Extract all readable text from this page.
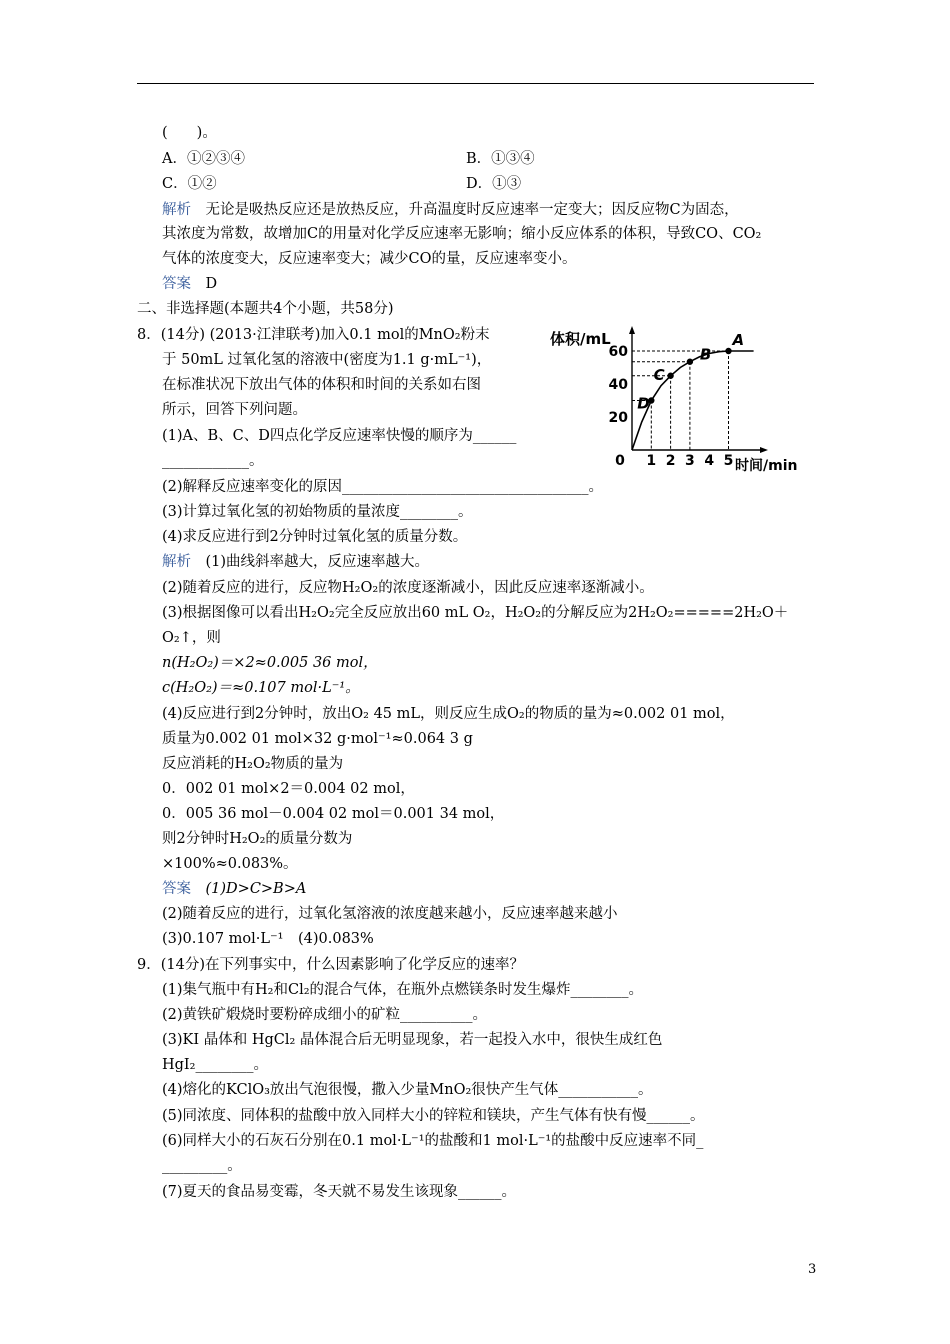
(　　)。
A．①②③④	B．①③④
C．①②	D．①③
解析　 无论是吸热反应还是放热反应，升高温度时反应速率一定变大；因反应物C为固态，
其浓度为常数，故增加C的用量对化学反应速率无影响；缩小反应体系的体积，导致CO、CO₂
气体的浓度变大，反应速率变大；减少CO的量，反应速率变小。
答案　 D
二、非选择题(本题共4个小题，共58分)
8．(14分) (2013·江津联考)加入0.1 mol的MnO₂粉末
于 50mL 过氧化氢的溶液中(密度为1.1 g·mL⁻¹)，
在标准状况下放出气体的体积和时间的关系如右图
所示，回答下列问题。
(1)A、B、C、D四点化学反应速率快慢的顺序为______
____________。
(2)解释反应速率变化的原因__________________________________。
(3)计算过氧化氢的初始物质的量浓度________。
(4)求反应进行到2分钟时过氧化氢的质量分数。
解析　 (1)曲线斜率越大，反应速率越大。
(2)随着反应的进行，反应物H₂O₂的浓度逐渐减小，因此反应速率逐渐减小。
(3)根据图像可以看出H₂O₂完全反应放出60 mL O₂，H₂O₂的分解反应为2H₂O₂=====2H₂O＋
O₂↑，则
n(H₂O₂)＝×2≈0.005 36 mol，
c(H₂O₂)＝≈0.107 mol·L⁻¹。
(4)反应进行到2分钟时，放出O₂ 45 mL，则反应生成O₂的物质的量为≈0.002 01 mol，
质量为0.002 01 mol×32 g·mol⁻¹≈0.064 3 g
反应消耗的H₂O₂物质的量为
0．002 01 mol×2＝0.004 02 mol，
0．005 36 mol－0.004 02 mol＝0.001 34 mol，
则2分钟时H₂O₂的质量分数为
×100%≈0.083%。
答案　 (1)D>C>B>A
(2)随着反应的进行，过氧化氢溶液的浓度越来越小，反应速率越来越小
(3)0.107 mol·L⁻¹　(4)0.083%
9．(14分)在下列事实中，什么因素影响了化学反应的速率？
(1)集气瓶中有H₂和Cl₂的混合气体，在瓶外点燃镁条时发生爆炸________。
(2)黄铁矿煅烧时要粉碎成细小的矿粒__________。
(3)KI 晶体和 HgCl₂ 晶体混合后无明显现象，若一起投入水中，很快生成红色
HgI₂________。
(4)熔化的KClO₃放出气泡很慢，撒入少量MnO₂很快产生气体___________。
(5)同浓度、同体积的盐酸中放入同样大小的锌粒和镁块，产生气体有快有慢______。
(6)同样大小的石灰石分别在0.1 mol·L⁻¹的盐酸和1 mol·L⁻¹的盐酸中反应速率不同_
_________。
(7)夏天的食品易变霉，冬天就不易发生该现象______。
3
0 1 2 3 4 5
20
40
60
D
C
B
A
体积/mL
时间/min
